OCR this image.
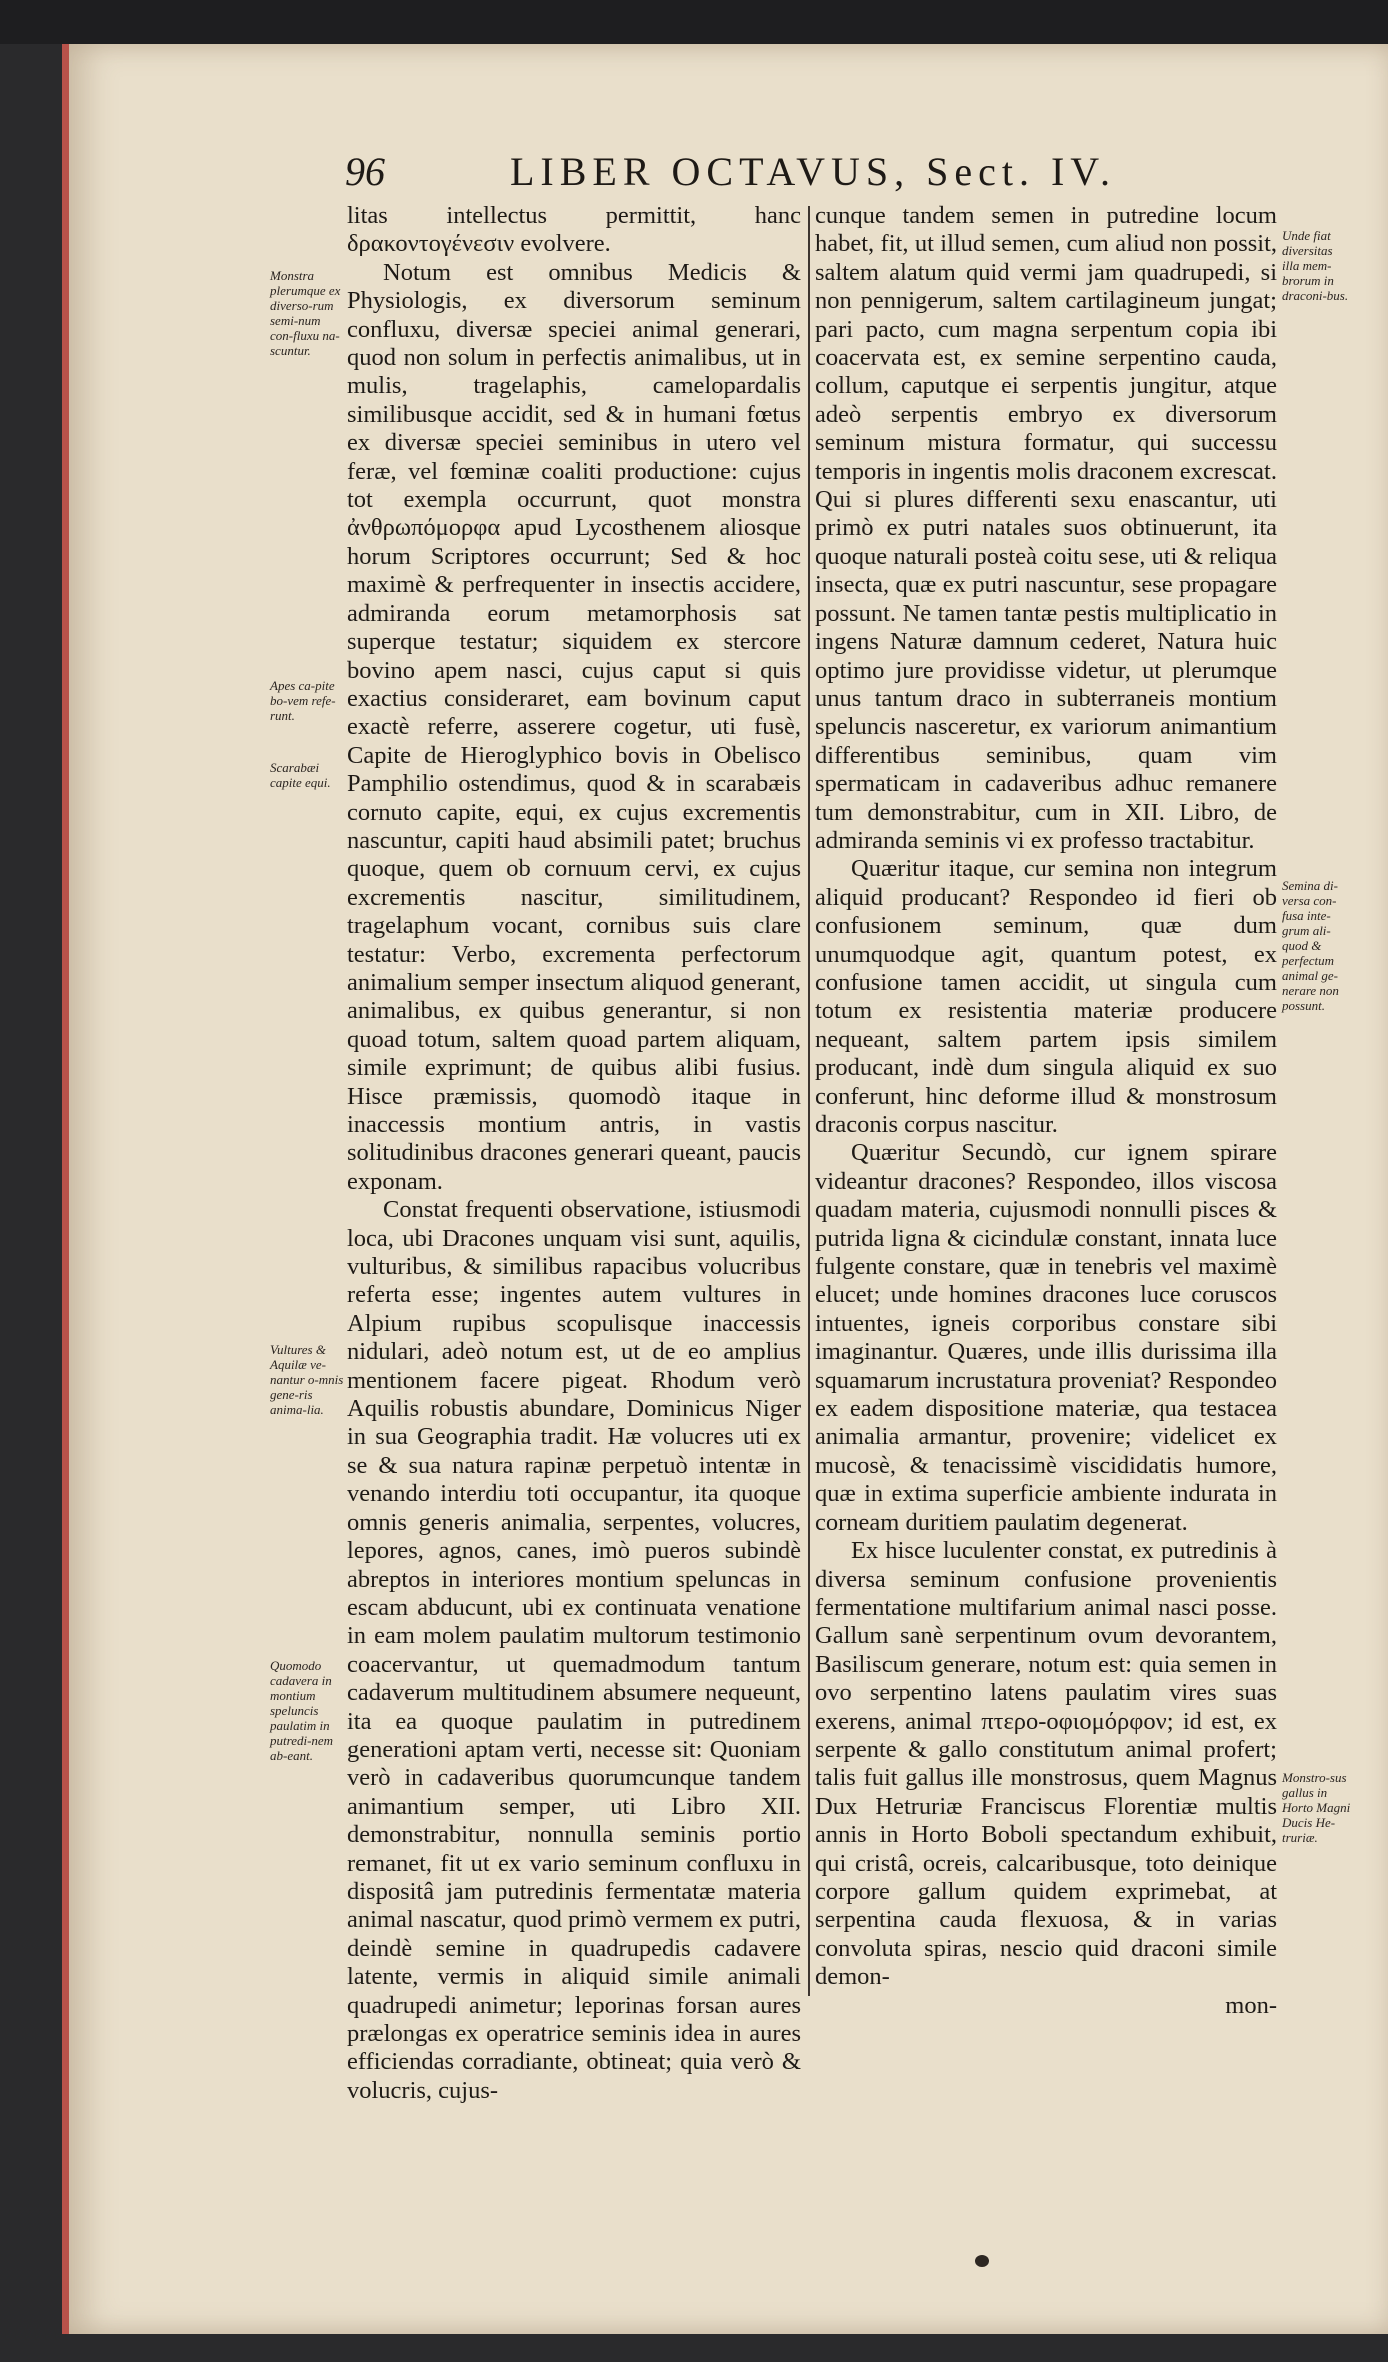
96	LIBER OCTAVUS, Sect. IV.

litas intellectus permittit, hanc δρακοντογένεσιν evolvere.

Notum est omnibus Medicis & Physiologis, ex diversorum seminum confluxu, diversæ speciei animal generari, quod non solum in perfectis animalibus, ut in mulis, tragelaphis, camelopardalis similibusque accidit, sed & in humani fœtus ex diversæ speciei seminibus in utero vel feræ, vel fœminæ coaliti productione: cujus tot exempla occurrunt, quot monstra ἀνθρωπόμορφα apud Lycosthenem aliosque horum Scriptores occurrunt; Sed & hoc maximè & perfrequenter in insectis accidere, admiranda eorum metamorphosis sat superque testatur; siquidem ex stercore bovino apem nasci, cujus caput si quis exactius consideraret, eam bovinum caput exactè referre, asserere cogetur, uti fusè, Capite de Hieroglyphico bovis in Obelisco Pamphilio ostendimus, quod & in scarabæis cornuto capite, equi, ex cujus excrementis nascuntur, capiti haud absimili patet; bruchus quoque, quem ob cornuum cervi, ex cujus excrementis nascitur, similitudinem, tragelaphum vocant, cornibus suis clare testatur: Verbo, excrementa perfectorum animalium semper insectum aliquod generant, animalibus, ex quibus generantur, si non quoad totum, saltem quoad partem aliquam, simile exprimunt; de quibus alibi fusius. Hisce præmissis, quomodò itaque in inaccessis montium antris, in vastis solitudinibus dracones generari queant, paucis exponam.

Constat frequenti observatione, istiusmodi loca, ubi Dracones unquam visi sunt, aquilis, vulturibus, & similibus rapacibus volucribus referta esse; ingentes autem vultures in Alpium rupibus scopulisque inaccessis nidulari, adeò notum est, ut de eo amplius mentionem facere pigeat. Rhodum verò Aquilis robustis abundare, Dominicus Niger in sua Geographia tradit. Hæ volucres uti ex se & sua natura rapinæ perpetuò intentæ in venando interdiu toti occupantur, ita quoque omnis generis animalia, serpentes, volucres, lepores, agnos, canes, imò pueros subindè abreptos in interiores montium speluncas in escam abducunt, ubi ex continuata venatione in eam molem paulatim multorum testimonio coacervantur, ut quemadmodum tantum cadaverum multitudinem absumere nequeunt, ita ea quoque paulatim in putredinem generationi aptam verti, necesse sit: Quoniam verò in cadaveribus quorumcunque tandem animantium semper, uti Libro XII. demonstrabitur, nonnulla seminis portio remanet, fit ut ex vario seminum confluxu in dispositâ jam putredinis fermentatæ materia animal nascatur, quod primò vermem ex putri, deindè semine in quadrupedis cadavere latente, vermis in aliquid simile animali quadrupedi animetur; leporinas forsan aures prælongas ex operatrice seminis idea in aures efficiendas corradiante, obtineat; quia verò & volucris, cujus-

cunque tandem semen in putredine locum habet, fit, ut illud semen, cum aliud non possit, saltem alatum quid vermi jam quadrupedi, si non pennigerum, saltem cartilagineum jungat; pari pacto, cum magna serpentum copia ibi coacervata est, ex semine serpentino cauda, collum, caputque ei serpentis jungitur, atque adeò serpentis embryo ex diversorum seminum mistura formatur, qui successu temporis in ingentis molis draconem excrescat. Qui si plures differenti sexu enascantur, uti primò ex putri natales suos obtinuerunt, ita quoque naturali posteà coitu sese, uti & reliqua insecta, quæ ex putri nascuntur, sese propagare possunt. Ne tamen tantæ pestis multiplicatio in ingens Naturæ damnum cederet, Natura huic optimo jure providisse videtur, ut plerumque unus tantum draco in subterraneis montium speluncis nasceretur, ex variorum animantium differentibus seminibus, quam vim spermaticam in cadaveribus adhuc remanere tum demonstrabitur, cum in XII. Libro, de admiranda seminis vi ex professo tractabitur.

Quæritur itaque, cur semina non integrum aliquid producant? Respondeo id fieri ob confusionem seminum, quæ dum unumquodque agit, quantum potest, ex confusione tamen accidit, ut singula cum totum ex resistentia materiæ producere nequeant, saltem partem ipsis similem producant, indè dum singula aliquid ex suo conferunt, hinc deforme illud & monstrosum draconis corpus nascitur.

Quæritur Secundò, cur ignem spirare videantur dracones? Respondeo, illos viscosa quadam materia, cujusmodi nonnulli pisces & putrida ligna & cicindulæ constant, innata luce fulgente constare, quæ in tenebris vel maximè elucet; unde homines dracones luce coruscos intuentes, igneis corporibus constare sibi imaginantur. Quæres, unde illis durissima illa squamarum incrustatura proveniat? Respondeo ex eadem dispositione materiæ, qua testacea animalia armantur, provenire; videlicet ex mucosè, & tenacissimè viscididatis humore, quæ in extima superficie ambiente indurata in corneam duritiem paulatim degenerat.

Ex hisce luculenter constat, ex putredinis à diversa seminum confusione provenientis fermentatione multifarium animal nasci posse. Gallum sanè serpentinum ovum devorantem, Basiliscum generare, notum est: quia semen in ovo serpentino latens paulatim vires suas exerens, animal πτερο-οφιομόρφον; id est, ex serpente & gallo constitutum animal profert; talis fuit gallus ille monstrosus, quem Magnus Dux Hetruriæ Franciscus Florentiæ multis annis in Horto Boboli spectandum exhibuit, qui cristâ, ocreis, calcaribusque, toto deinique corpore gallum quidem exprimebat, at serpentina cauda flexuosa, & in varias convoluta spiras, nescio quid draconi simile demon-

mon-

Monstra plerumque ex diverso-rum semi-num con-fluxu na-scuntur.
Apes ca-pite bo-vem refe-runt.
Scarabæi capite equi.
Vultures & Aquilæ ve-nantur o-mnis gene-ris anima-lia.
Quomodo cadavera in montium speluncis paulatim in putredi-nem ab-eant.
Unde fiat diversitas illa mem-brorum in draconi-bus.
Semina di-versa con-fusa inte-grum ali-quod & perfectum animal ge-nerare non possunt.
Monstro-sus gallus in Horto Magni Ducis He-truriæ.
